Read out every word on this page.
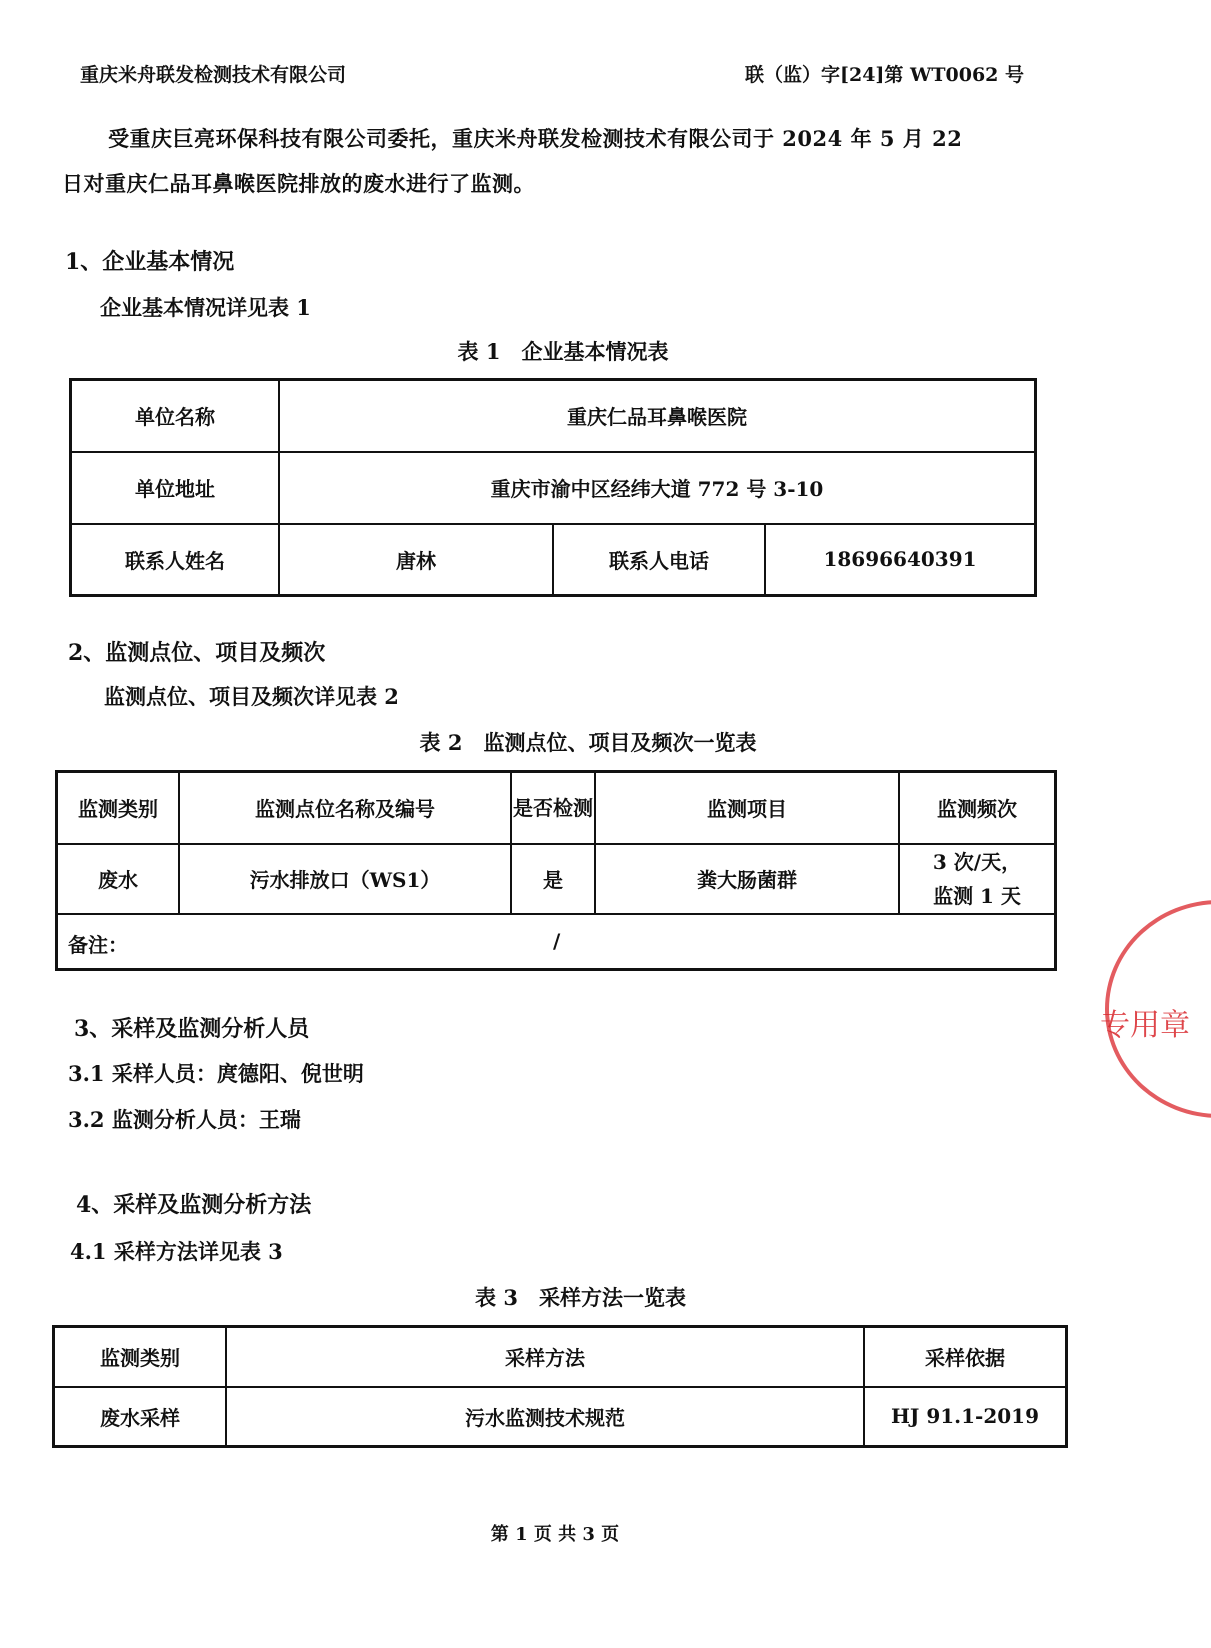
重庆米舟联发检测技术有限公司	联（监）字[24]第 WT0062 号
受重庆巨亮环保科技有限公司委托，重庆米舟联发检测技术有限公司于 2024 年 5 月 22
日对重庆仁品耳鼻喉医院排放的废水进行了监测。
1、企业基本情况
企业基本情况详见表 1
表 1　企业基本情况表
单位名称	重庆仁品耳鼻喉医院		
单位地址	重庆市渝中区经纬大道 772 号 3-10		
联系人姓名	唐林	联系人电话	18696640391
2、监测点位、项目及频次
监测点位、项目及频次详见表 2
表 2　监测点位、项目及频次一览表
监测类别	监测点位名称及编号	是否检测	监测项目	监测频次
废水	污水排放口（WS1）	是	粪大肠菌群	3 次/天，
监测 1 天

备注： /				
3、采样及监测分析人员
3.1 采样人员：庹德阳、倪世明
3.2 监测分析人员：王瑞
4、采样及监测分析方法
4.1 采样方法详见表 3
表 3　采样方法一览表
监测类别	采样方法	采样依据
废水采样	污水监测技术规范	HJ 91.1-2019
专用章
第 1 页 共 3 页
